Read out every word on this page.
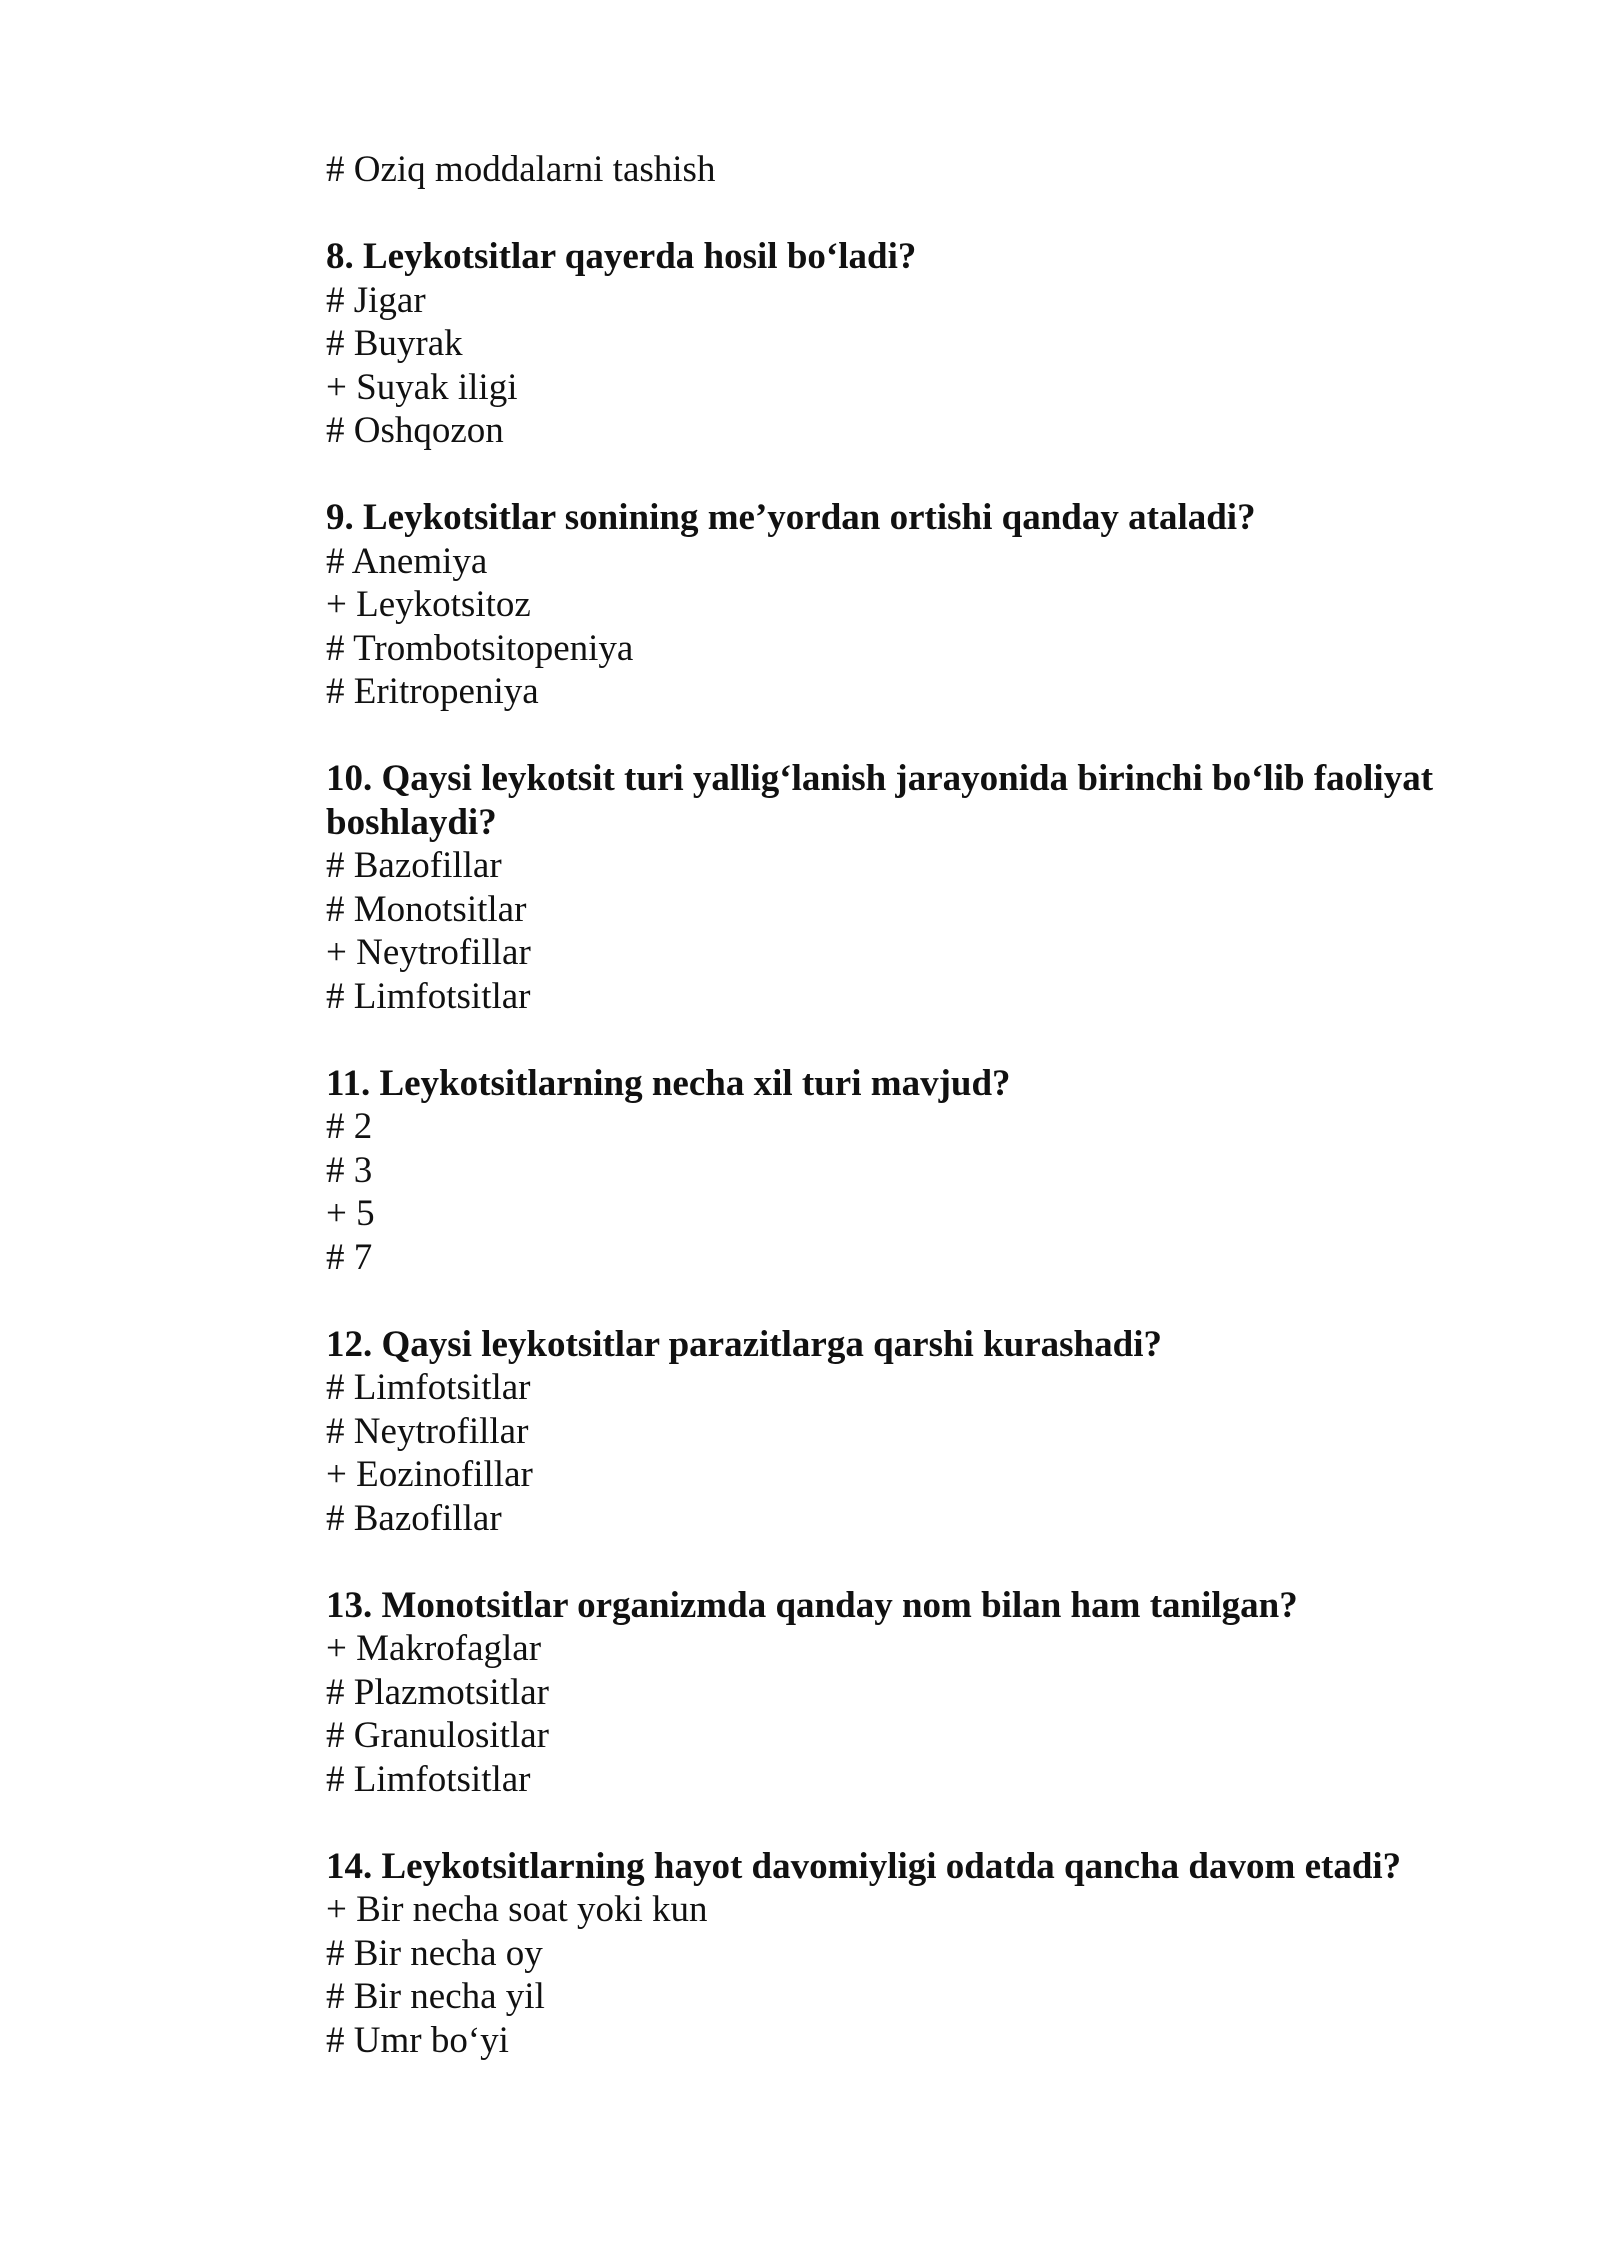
# Oziq moddalarni tashish

8. Leykotsitlar qayerda hosil bo‘ladi?

# Jigar

# Buyrak

+ Suyak iligi

# Oshqozon

9. Leykotsitlar sonining me’yordan ortishi qanday ataladi?

# Anemiya

+ Leykotsitoz

# Trombotsitopeniya

# Eritropeniya

10. Qaysi leykotsit turi yallig‘lanish jarayonida birinchi bo‘lib faoliyat boshlaydi?

# Bazofillar

# Monotsitlar

+ Neytrofillar

# Limfotsitlar

11. Leykotsitlarning necha xil turi mavjud?

# 2

# 3

+ 5

# 7

12. Qaysi leykotsitlar parazitlarga qarshi kurashadi?

# Limfotsitlar

# Neytrofillar

+ Eozinofillar

# Bazofillar

13. Monotsitlar organizmda qanday nom bilan ham tanilgan?

+ Makrofaglar

# Plazmotsitlar

# Granulositlar

# Limfotsitlar

14. Leykotsitlarning hayot davomiyligi odatda qancha davom etadi?

+ Bir necha soat yoki kun

# Bir necha oy

# Bir necha yil

# Umr bo‘yi
